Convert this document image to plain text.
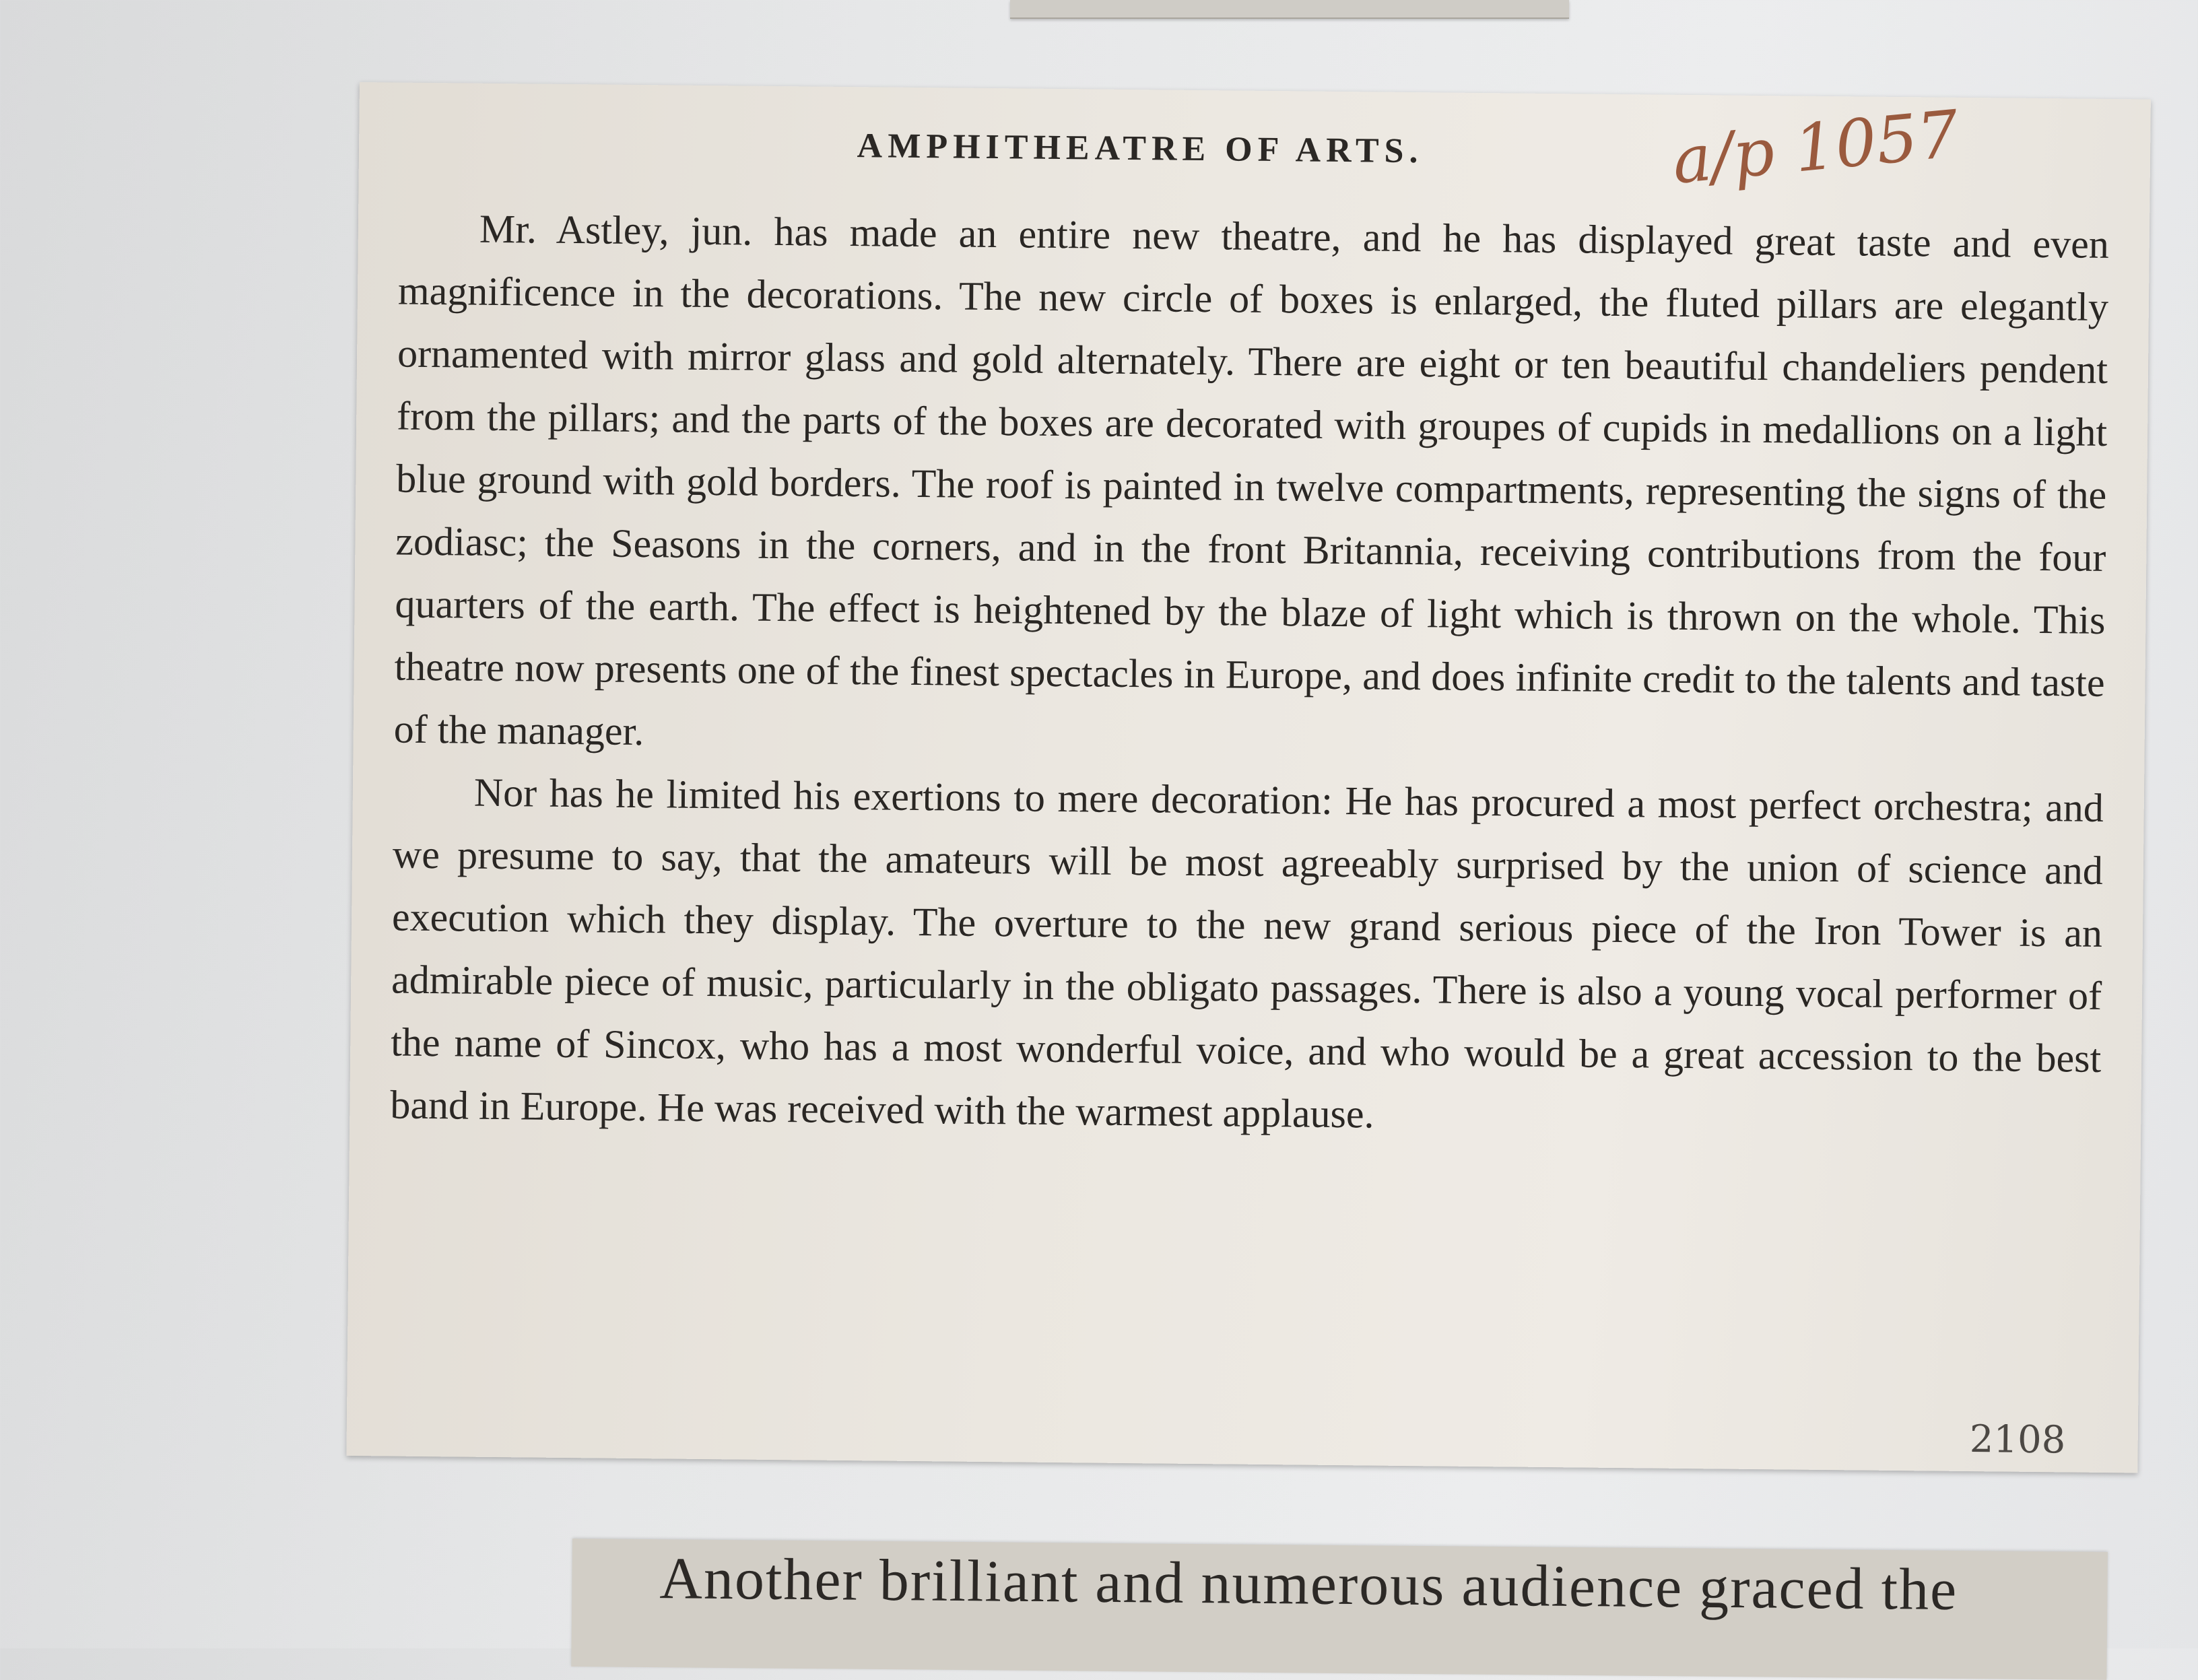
AMPHITHEATRE OF ARTS.	a/p 1057

Mr. Astley, jun. has made an entire new theatre, and he has displayed great taste and even magnificence in the decorations. The new circle of boxes is enlarged, the fluted pillars are elegantly ornamented with mirror glass and gold alternately. There are eight or ten beautiful chandeliers pendent from the pillars; and the parts of the boxes are decorated with groupes of cupids in medallions on a light blue ground with gold borders. The roof is painted in twelve compartments, representing the signs of the zodiasc; the Seasons in the corners, and in the front Britannia, receiving contributions from the four quarters of the earth. The effect is heightened by the blaze of light which is thrown on the whole. This theatre now presents one of the finest spectacles in Europe, and does infinite credit to the talents and taste of the manager.

Nor has he limited his exertions to mere decoration: He has procured a most perfect orchestra; and we presume to say, that the amateurs will be most agreeably surprised by the union of science and execution which they display. The overture to the new grand serious piece of the Iron Tower is an admirable piece of music, particularly in the obligato passages. There is also a young vocal performer of the name of Sincox, who has a most wonderful voice, and who would be a great accession to the best band in Europe. He was received with the warmest applause.

2108
Another brilliant and numerous audience graced the
